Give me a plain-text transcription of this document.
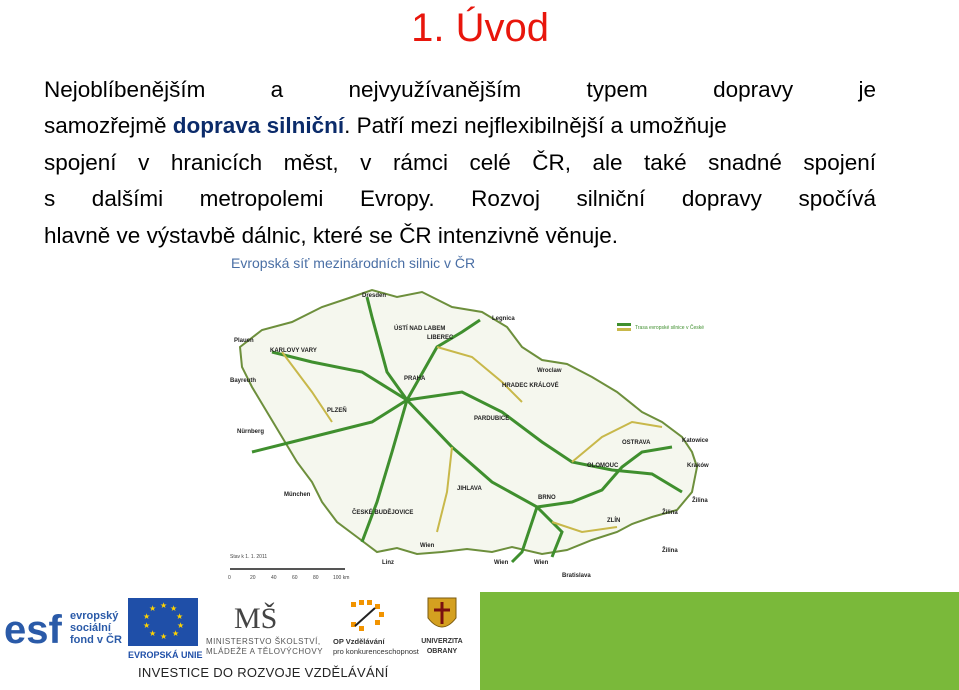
1. Úvod
Nejoblíbenějším a nejvyužívanějším typem dopravy je
samozřejmě doprava silniční. Patří mezi nejflexibilnější a umožňuje
spojení v hranicích měst, v rámci celé ČR, ale také snadné spojení
s dalšími metropolemi Evropy. Rozvoj silniční dopravy spočívá
hlavně ve výstavbě dálnic, které se ČR intenzivně věnuje.
Evropská síť mezinárodních silnic v ČR
Dresden
Legnica
ÚSTÍ NAD LABEM
LIBEREC
Plauen
KARLOVY VARY
Wroclaw
Bayreuth	PRAHA
HRADEC KRÁLOVÉ
PLZEŇ
PARDUBICE
Nürnberg
OSTRAVA	Katowice
OLOMOUC	Kraków
JIHLAVA
München	BRNO	Žilina
ČESKÉ BUDĚJOVICE	Žilina
ZLÍN
Žilina
Wien
Linz	Wien	Wien
Bratislava
Trasa evropské silnice v České
Stav k 1. 1. 2011
0	20	40	60	80	100 km
esf evropský
sociální
fond v ČR
★ ★
★
★
★
★
★
★
★
★
EVROPSKÁ UNIE
MŠ
MINISTERSTVO ŠKOLSTVÍ,
MLÁDEŽE A TĚLOVÝCHOVY
OP Vzdělávání
pro konkurenceschopnost
UNIVERZITA
OBRANY
INVESTICE DO ROZVOJE VZDĚLÁVÁNÍ
